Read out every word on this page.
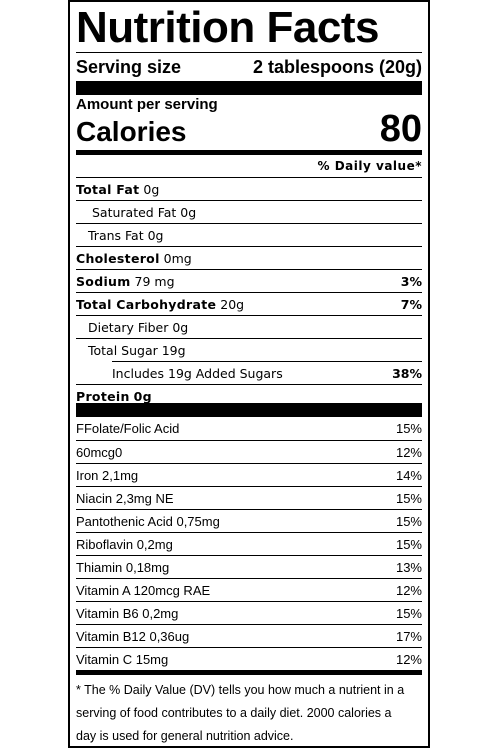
Nutrition Facts
Serving size	2 tablespoons (20g)
Amount per serving
Calories	80
% Daily value*
Total Fat 0g
Saturated Fat 0g
Trans Fat 0g
Cholesterol 0mg
Sodium 79 mg	3%
Total Carbohydrate 20g	7%
Dietary Fiber 0g
Total Sugar 19g
Includes 19g Added Sugars	38%
Protein 0g
FFolate/Folic Acid	15%
60mcg0	12%
Iron 2,1mg	14%
Niacin 2,3mg NE	15%
Pantothenic Acid 0,75mg	15%
Riboflavin 0,2mg	15%
Thiamin 0,18mg	13%
Vitamin A 120mcg RAE	12%
Vitamin B6 0,2mg	15%
Vitamin B12 0,36ug	17%
Vitamin C 15mg	12%
* The % Daily Value (DV) tells you how much a nutrient in a
serving of food contributes to a daily diet. 2000 calories a
day is used for general nutrition advice.
